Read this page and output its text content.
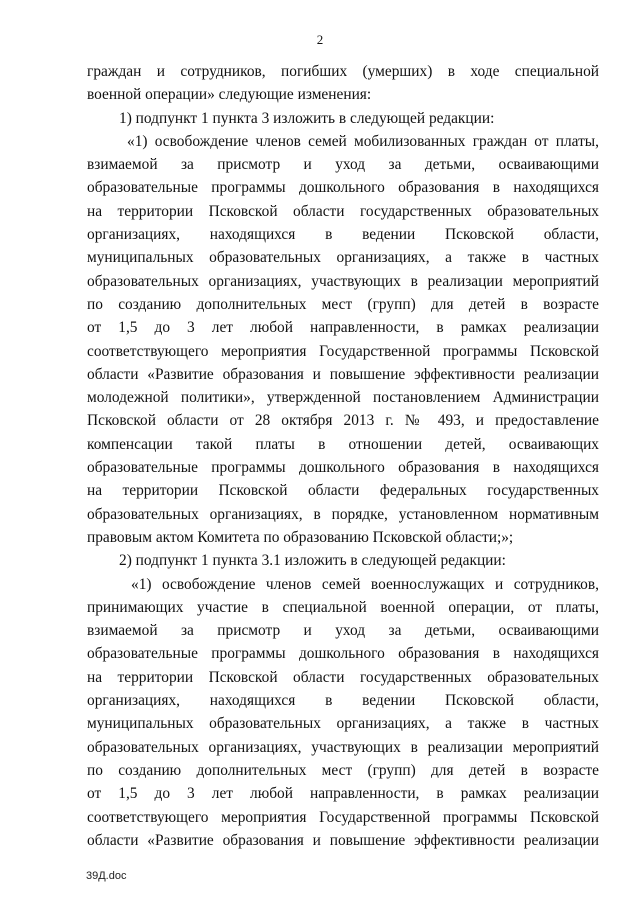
2
граждан и сотрудников, погибших (умерших) в ходе специальной
военной операции» следующие изменения:
1) подпункт 1 пункта 3 изложить в следующей редакции:
«1) освобождение членов семей мобилизованных граждан от платы,
взимаемой за присмотр и уход за детьми, осваивающими
образовательные программы дошкольного образования в находящихся
на территории Псковской области государственных образовательных
организациях, находящихся в ведении Псковской области,
муниципальных образовательных организациях, а также в частных
образовательных организациях, участвующих в реализации мероприятий
по созданию дополнительных мест (групп) для детей в возрасте
от 1,5 до 3 лет любой направленности, в рамках реализации
соответствующего мероприятия Государственной программы Псковской
области «Развитие образования и повышение эффективности реализации
молодежной политики», утвержденной постановлением Администрации
Псковской области от 28 октября 2013 г. № 493, и предоставление
компенсации такой платы в отношении детей, осваивающих
образовательные программы дошкольного образования в находящихся
на территории Псковской области федеральных государственных
образовательных организациях, в порядке, установленном нормативным
правовым актом Комитета по образованию Псковской области;»;
2) подпункт 1 пункта 3.1 изложить в следующей редакции:
«1) освобождение членов семей военнослужащих и сотрудников,
принимающих участие в специальной военной операции, от платы,
взимаемой за присмотр и уход за детьми, осваивающими
образовательные программы дошкольного образования в находящихся
на территории Псковской области государственных образовательных
организациях, находящихся в ведении Псковской области,
муниципальных образовательных организациях, а также в частных
образовательных организациях, участвующих в реализации мероприятий
по созданию дополнительных мест (групп) для детей в возрасте
от 1,5 до 3 лет любой направленности, в рамках реализации
соответствующего мероприятия Государственной программы Псковской
области «Развитие образования и повышение эффективности реализации
39Д.doc
